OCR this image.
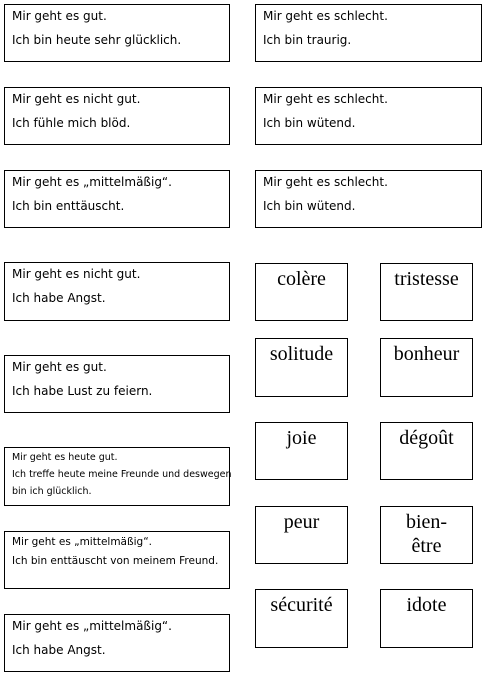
Mir geht es gut.
Ich bin heute sehr glücklich.
Mir geht es nicht gut.
Ich fühle mich blöd.
Mir geht es „mittelmäßig“.
Ich bin enttäuscht.
Mir geht es nicht gut.
Ich habe Angst.
Mir geht es gut.
Ich habe Lust zu feiern.
Mir geht es heute gut.
Ich treffe heute meine Freunde und deswegen
bin ich glücklich.
Mir geht es „mittelmäßig“.
Ich bin enttäuscht von meinem Freund.
Mir geht es „mittelmäßig“.
Ich habe Angst.
Mir geht es schlecht.
Ich bin traurig.
Mir geht es schlecht.
Ich bin wütend.
Mir geht es schlecht.
Ich bin wütend.
colère	tristesse
solitude	bonheur
joie	dégoût
peur	bien-
être
sécurité	idote
